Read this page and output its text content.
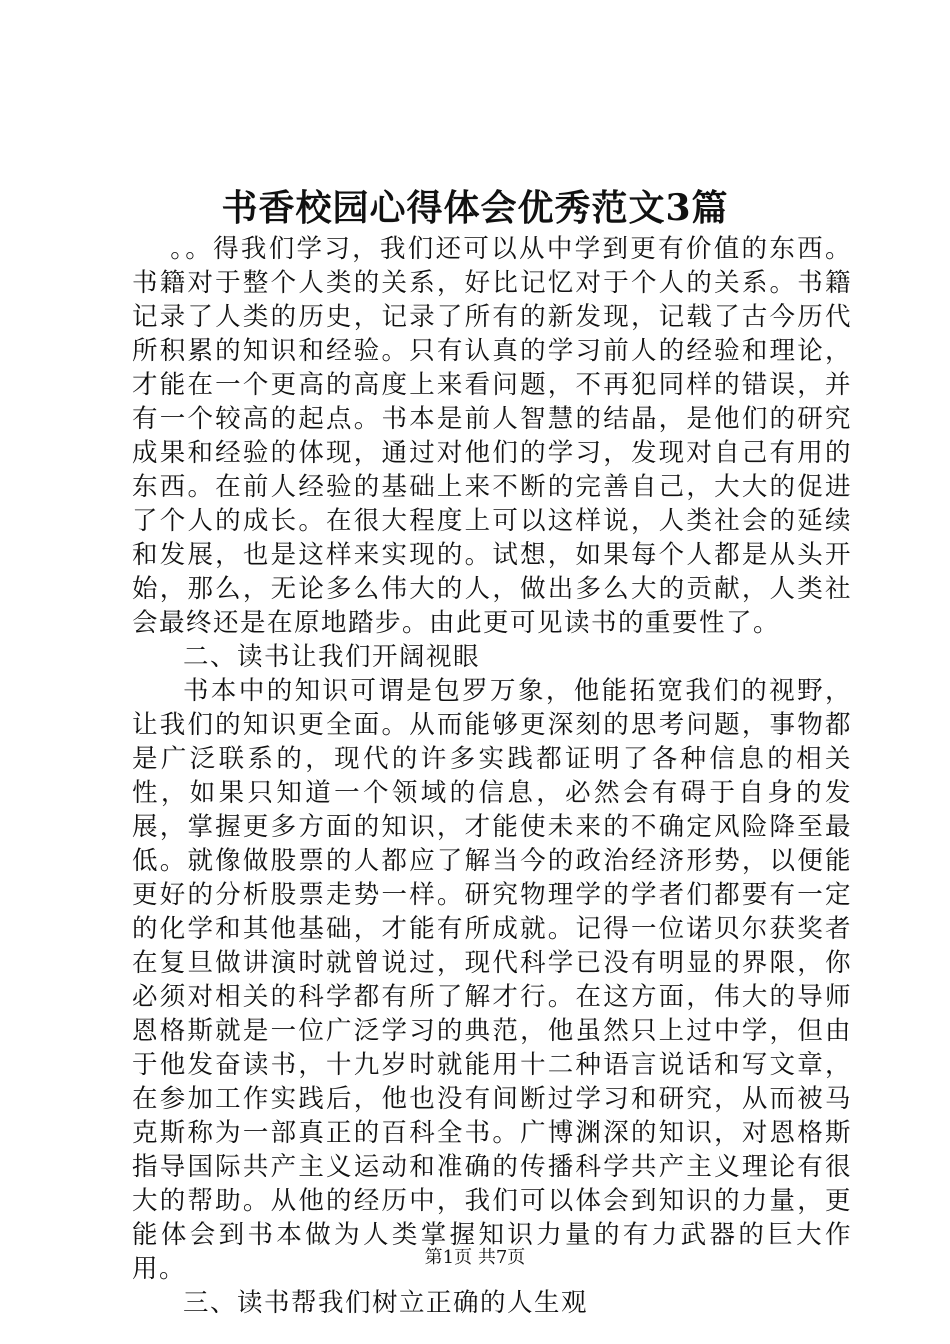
书香校园心得体会优秀范文3篇

。。得我们学习，我们还可以从中学到更有价值的东西。书籍对于整个人类的关系，好比记忆对于个人的关系。书籍记录了人类的历史，记录了所有的新发现，记载了古今历代所积累的知识和经验。只有认真的学习前人的经验和理论，才能在一个更高的高度上来看问题，不再犯同样的错误，并有一个较高的起点。书本是前人智慧的结晶，是他们的研究成果和经验的体现，通过对他们的学习，发现对自己有用的东西。在前人经验的基础上来不断的完善自己，大大的促进了个人的成长。在很大程度上可以这样说，人类社会的延续和发展，也是这样来实现的。试想，如果每个人都是从头开始，那么，无论多么伟大的人，做出多么大的贡献，人类社会最终还是在原地踏步。由此更可见读书的重要性了。

二、读书让我们开阔视眼

书本中的知识可谓是包罗万象，他能拓宽我们的视野，让我们的知识更全面。从而能够更深刻的思考问题，事物都是广泛联系的，现代的许多实践都证明了各种信息的相关性，如果只知道一个领域的信息，必然会有碍于自身的发展，掌握更多方面的知识，才能使未来的不确定风险降至最低。就像做股票的人都应了解当今的政治经济形势，以便能更好的分析股票走势一样。研究物理学的学者们都要有一定的化学和其他基础，才能有所成就。记得一位诺贝尔获奖者在复旦做讲演时就曾说过，现代科学已没有明显的界限，你必须对相关的科学都有所了解才行。在这方面，伟大的导师恩格斯就是一位广泛学习的典范，他虽然只上过中学，但由于他发奋读书，十九岁时就能用十二种语言说话和写文章，在参加工作实践后，他也没有间断过学习和研究，从而被马克斯称为一部真正的百科全书。广博渊深的知识，对恩格斯指导国际共产主义运动和准确的传播科学共产主义理论有很大的帮助。从他的经历中，我们可以体会到知识的力量，更能体会到书本做为人类掌握知识力量的有力武器的巨大作用。

三、读书帮我们树立正确的人生观

第1页 共7页
